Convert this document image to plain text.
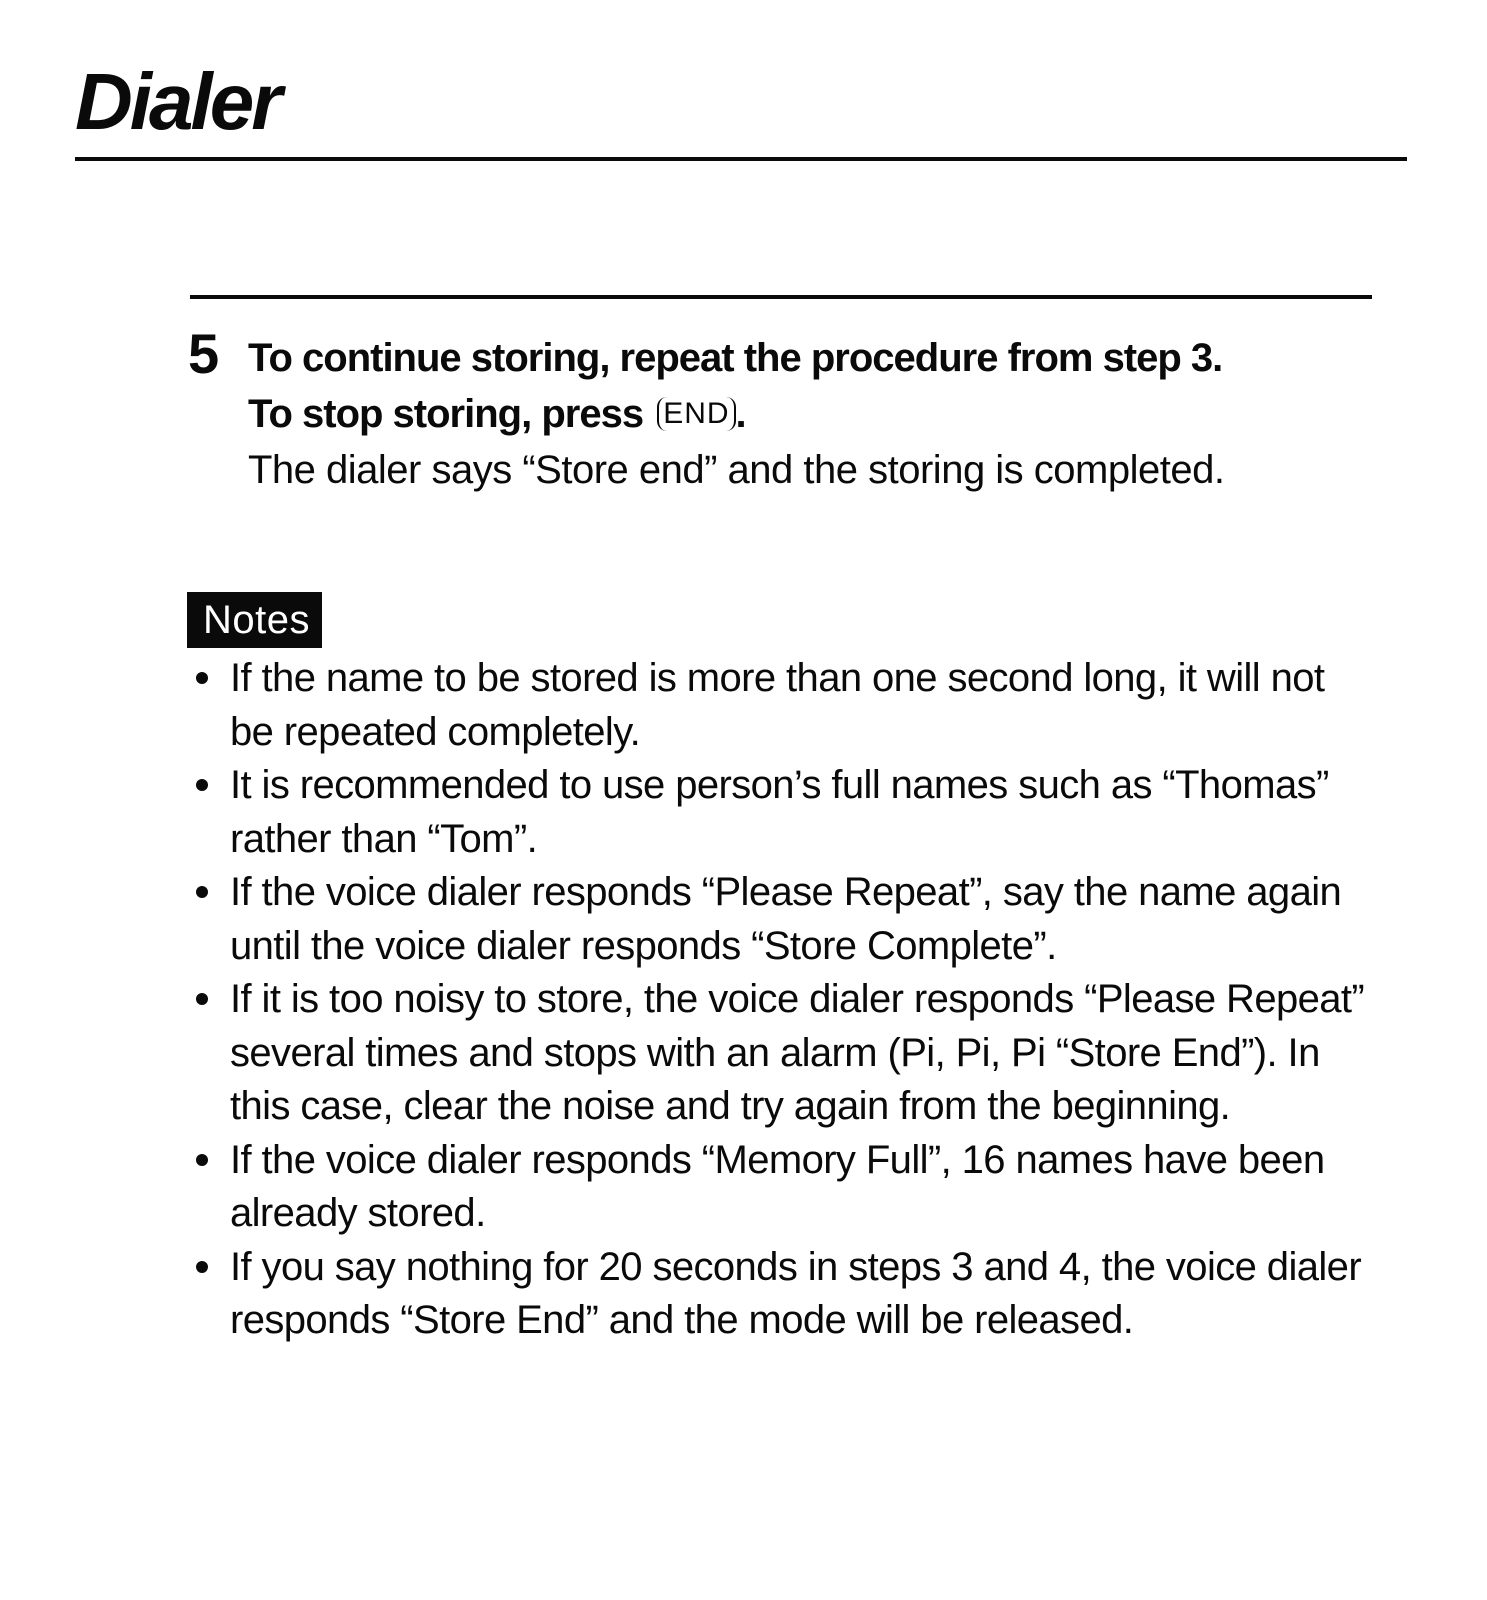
Dialer
5 To continue storing, repeat the procedure from step 3.
To stop storing, press END .
The dialer says “Store end” and the storing is completed.
Notes
If the name to be stored is more than one second long, it will not be repeated completely.
It is recommended to use person’s full names such as “Thomas” rather than “Tom”.
If the voice dialer responds “Please Repeat”, say the name again until the voice dialer responds “Store Complete”.
If it is too noisy to store, the voice dialer responds “Please Repeat” several times and stops with an alarm (Pi, Pi, Pi “Store End”). In this case, clear the noise and try again from the beginning.
If the voice dialer responds “Memory Full”, 16 names have been already stored.
If you say nothing for 20 seconds in steps 3 and 4, the voice dialer responds “Store End” and the mode will be released.
